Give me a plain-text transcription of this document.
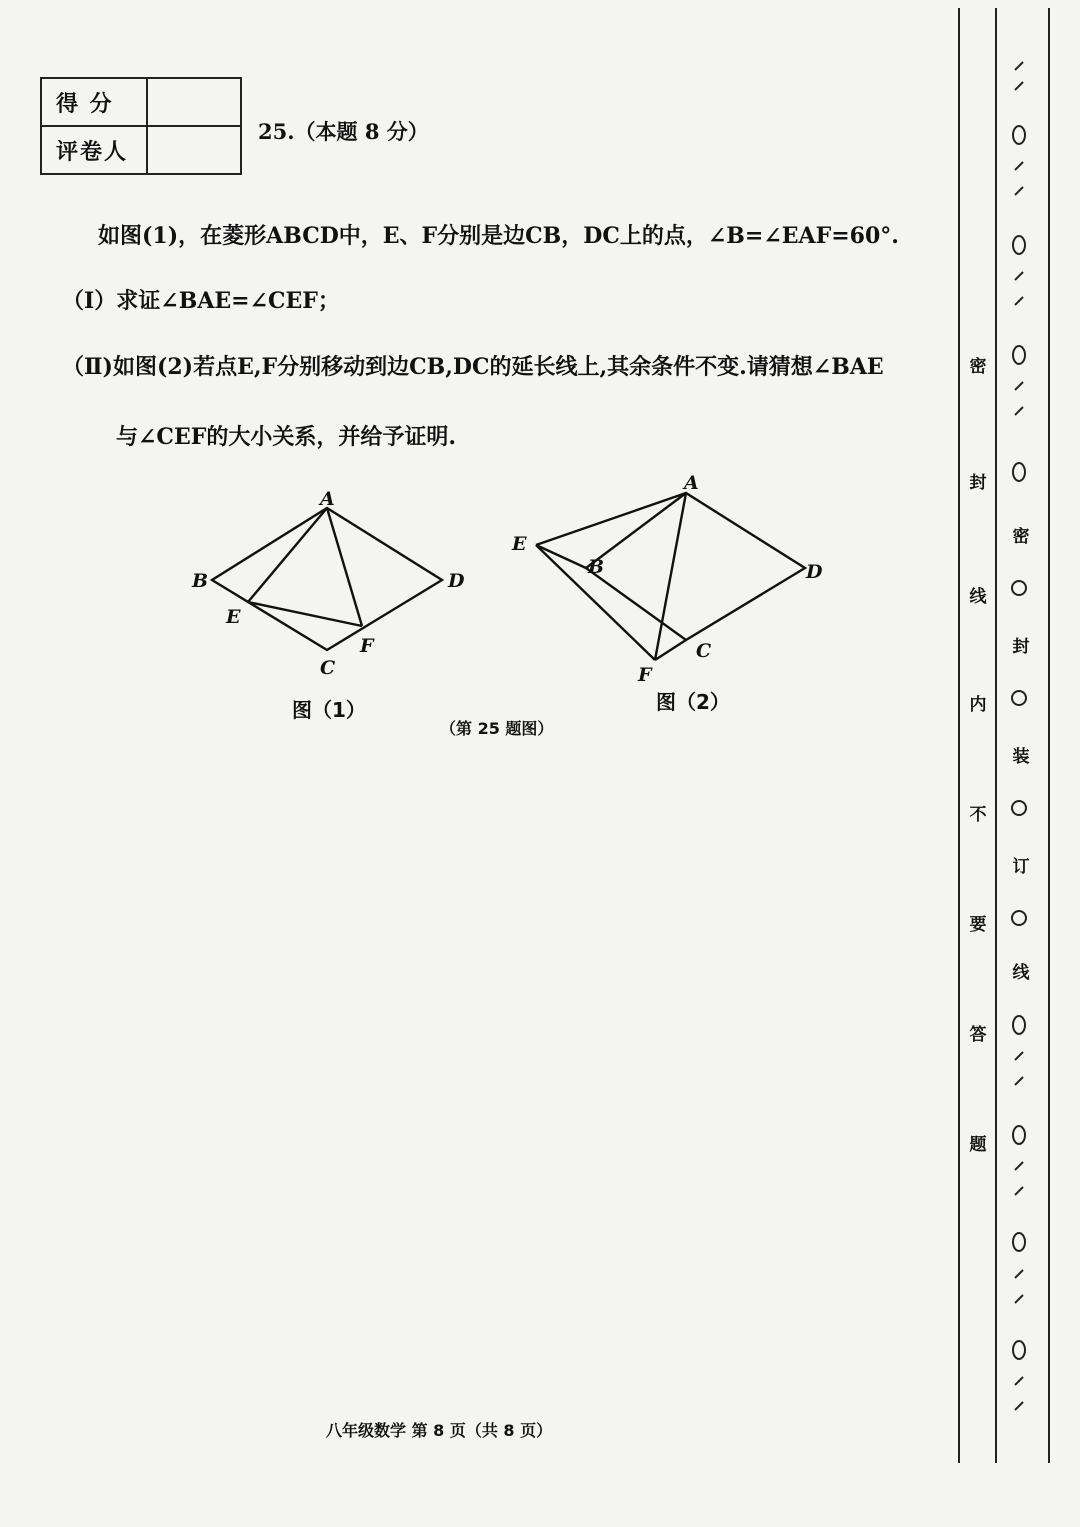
得 分	
评卷人	
25.（本题 8 分）
如图(1)，在菱形ABCD中，E、F分别是边CB，DC上的点，∠B=∠EAF=60°.
（Ⅰ）求证∠BAE=∠CEF；
（Ⅱ)如图(2)若点E,F分别移动到边CB,DC的延长线上,其余条件不变.请猜想∠BAE
与∠CEF的大小关系，并给予证明.
A
B
C
D
E
F
图（1）
A
B
C
D
E
F
图（2）
（第 25 题图）
八年级数学 第 8 页（共 8 页）
密
封
线
内
不
要
答
题
密
封
装
订
线
